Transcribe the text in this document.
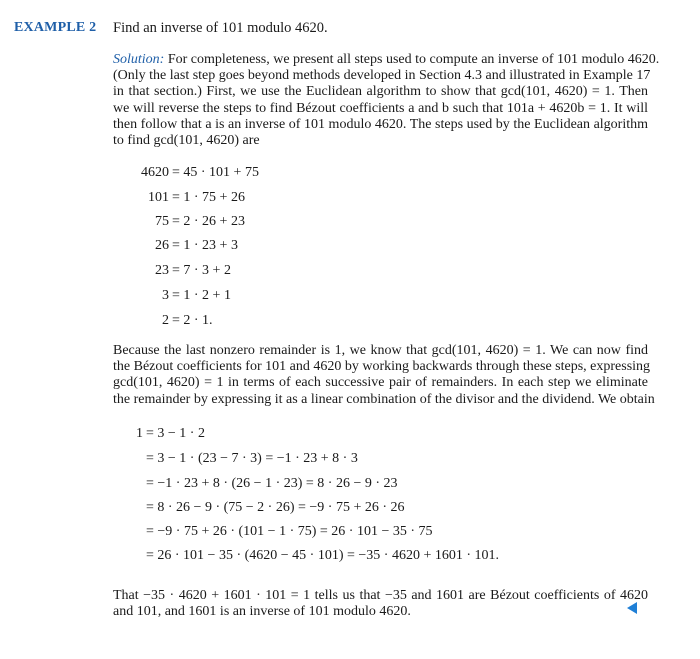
EXAMPLE 2 Find an inverse of 101 modulo 4620.
Solution: For completeness, we present all steps used to compute an inverse of 101 modulo 4620.
(Only the last step goes beyond methods developed in Section 4.3 and illustrated in Example 17
in that section.) First, we use the Euclidean algorithm to show that gcd(101, 4620) = 1. Then
we will reverse the steps to find Bézout coefficients a and b such that 101a + 4620b = 1. It will
then follow that a is an inverse of 101 modulo 4620. The steps used by the Euclidean algorithm
to find gcd(101, 4620) are
4620 = 45 · 101 + 75
101 = 1 · 75 + 26
75 = 2 · 26 + 23
26 = 1 · 23 + 3
23 = 7 · 3 + 2
3 = 1 · 2 + 1
2 = 2 · 1.
Because the last nonzero remainder is 1, we know that gcd(101, 4620) = 1. We can now find
the Bézout coefficients for 101 and 4620 by working backwards through these steps, expressing
gcd(101, 4620) = 1 in terms of each successive pair of remainders. In each step we eliminate
the remainder by expressing it as a linear combination of the divisor and the dividend. We obtain
1 = 3 − 1 · 2
= 3 − 1 · (23 − 7 · 3) = −1 · 23 + 8 · 3
= −1 · 23 + 8 · (26 − 1 · 23) = 8 · 26 − 9 · 23
= 8 · 26 − 9 · (75 − 2 · 26) = −9 · 75 + 26 · 26
= −9 · 75 + 26 · (101 − 1 · 75) = 26 · 101 − 35 · 75
= 26 · 101 − 35 · (4620 − 45 · 101) = −35 · 4620 + 1601 · 101.
That −35 · 4620 + 1601 · 101 = 1 tells us that −35 and 1601 are Bézout coefficients of 4620
and 101, and 1601 is an inverse of 101 modulo 4620.
